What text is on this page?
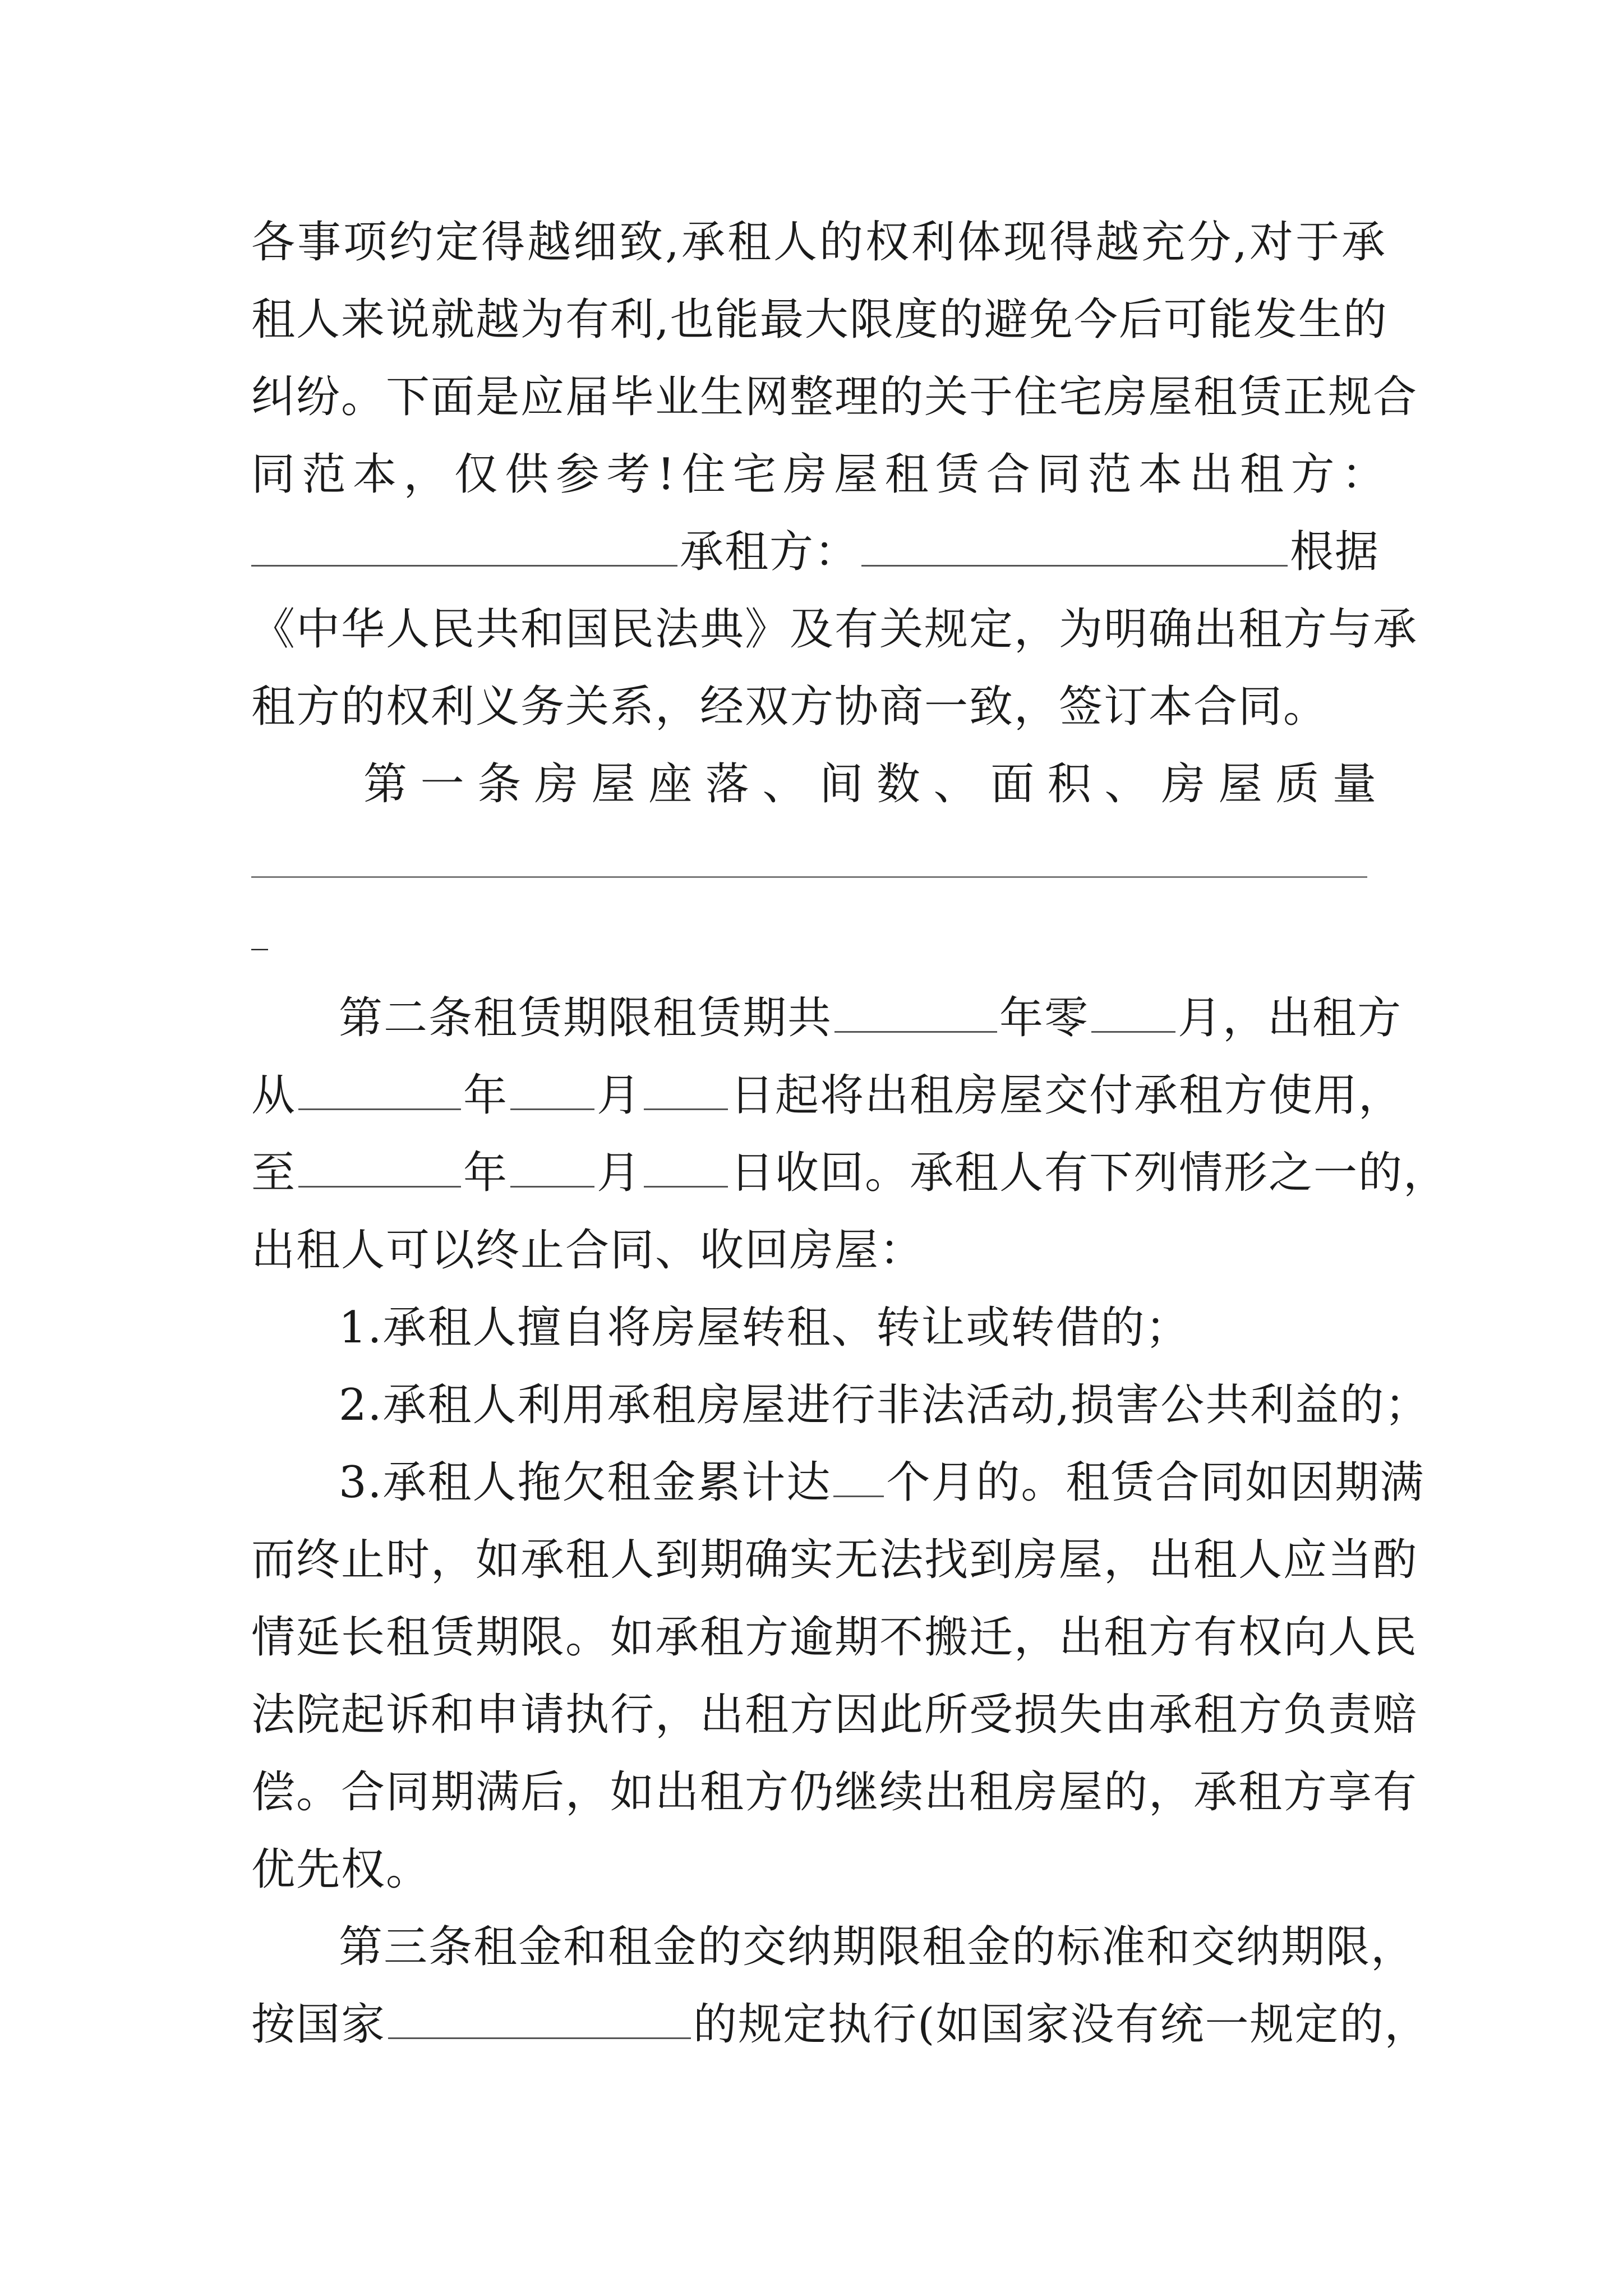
各事项约定得越细致,承租人的权利体现得越充分,对于承
租人来说就越为有利,也能最大限度的避免今后可能发生的
纠纷。下面是应届毕业生网整理的关于住宅房屋租赁正规合
同范本，仅供参考!住宅房屋租赁合同范本出租方：
承租方：	根据
《中华人民共和国民法典》及有关规定，为明确出租方与承
租方的权利义务关系，经双方协商一致，签订本合同。
第一条房屋座落、间数、面积、房屋质量
_
第二条租赁期限租赁期共	年零 月，出租方
从	年 月 日起将出租房屋交付承租方使用，
至	年 月 日收回。承租人有下列情形之一的，
出租人可以终止合同、收回房屋：
1.承租人擅自将房屋转租、转让或转借的；
2.承租人利用承租房屋进行非法活动,损害公共利益的；
3.承租人拖欠租金累计达 个月的。租赁合同如因期满
而终止时，如承租人到期确实无法找到房屋，出租人应当酌
情延长租赁期限。如承租方逾期不搬迁，出租方有权向人民
法院起诉和申请执行，出租方因此所受损失由承租方负责赔
偿。合同期满后，如出租方仍继续出租房屋的，承租方享有
优先权。
第三条租金和租金的交纳期限租金的标准和交纳期限，
按国家	的规定执行(如国家没有统一规定的，
